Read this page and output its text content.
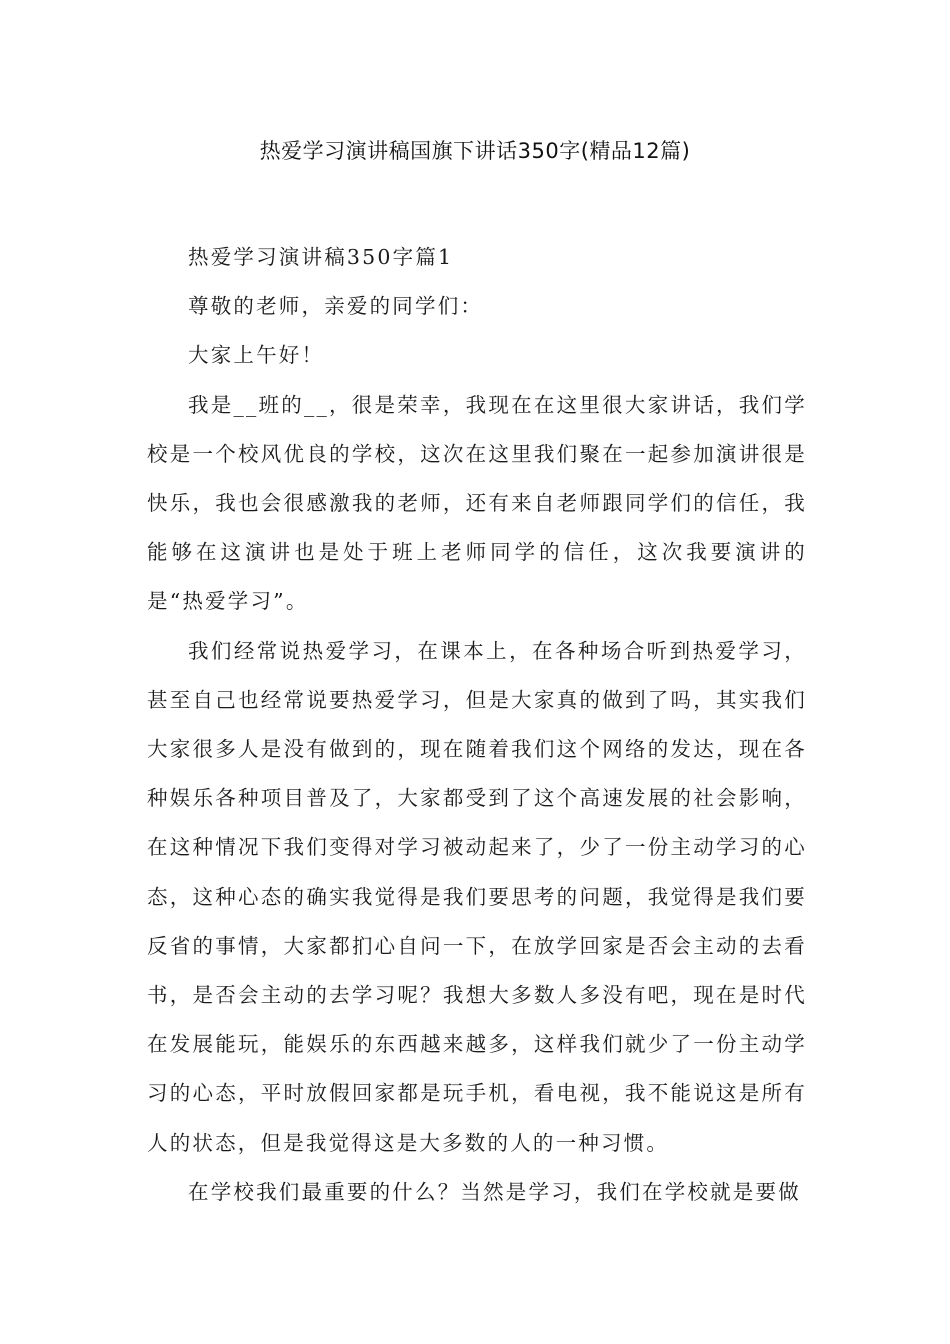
热爱学习演讲稿国旗下讲话350字(精品12篇)

热爱学习演讲稿350字篇1

尊敬的老师，亲爱的同学们：

大家上午好！

我是__班的__，很是荣幸，我现在在这里很大家讲话，我们学校是一个校风优良的学校，这次在这里我们聚在一起参加演讲很是快乐，我也会很感激我的老师，还有来自老师跟同学们的信任，我能够在这演讲也是处于班上老师同学的信任，这次我要演讲的是“热爱学习”。

我们经常说热爱学习，在课本上，在各种场合听到热爱学习，甚至自己也经常说要热爱学习，但是大家真的做到了吗，其实我们大家很多人是没有做到的，现在随着我们这个网络的发达，现在各种娱乐各种项目普及了，大家都受到了这个高速发展的社会影响，在这种情况下我们变得对学习被动起来了，少了一份主动学习的心态，这种心态的确实我觉得是我们要思考的问题，我觉得是我们要反省的事情，大家都扪心自问一下，在放学回家是否会主动的去看书，是否会主动的去学习呢？我想大多数人多没有吧，现在是时代在发展能玩，能娱乐的东西越来越多，这样我们就少了一份主动学习的心态，平时放假回家都是玩手机，看电视，我不能说这是所有人的状态，但是我觉得这是大多数的人的一种习惯。

在学校我们最重要的什么？当然是学习，我们在学校就是要做
